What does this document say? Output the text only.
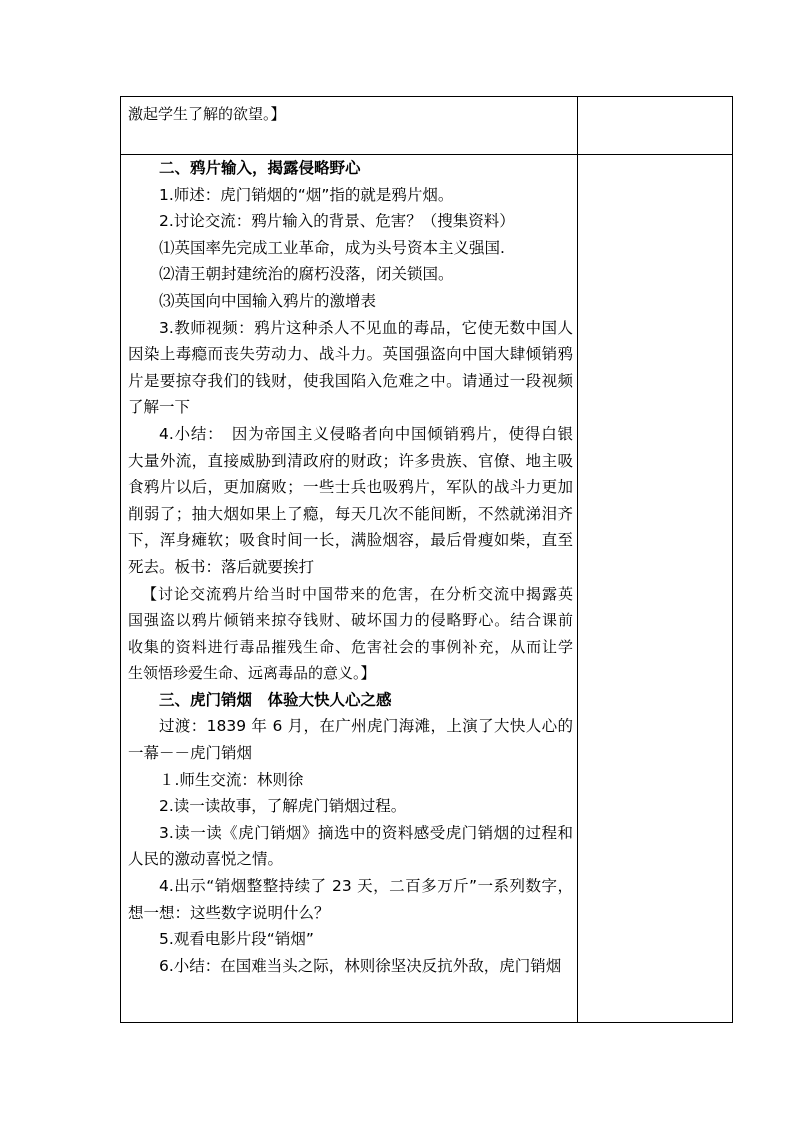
激起学生了解的欲望。】

二、鸦片输入，揭露侵略野心

1.师述：虎门销烟的“烟”指的就是鸦片烟。

2.讨论交流：鸦片输入的背景、危害？（搜集资料）

⑴英国率先完成工业革命，成为头号资本主义强国.

⑵清王朝封建统治的腐朽没落，闭关锁国。

⑶英国向中国输入鸦片的激增表

3.教师视频：鸦片这种杀人不见血的毒品，它使无数中国人

因染上毒瘾而丧失劳动力、战斗力。英国强盗向中国大肆倾销鸦

片是要掠夺我们的钱财，使我国陷入危难之中。请通过一段视频

了解一下

4.小结：　因为帝国主义侵略者向中国倾销鸦片，使得白银

大量外流，直接威胁到清政府的财政；许多贵族、官僚、地主吸

食鸦片以后，更加腐败；一些士兵也吸鸦片，军队的战斗力更加

削弱了；抽大烟如果上了瘾，每天几次不能间断，不然就涕泪齐

下，浑身瘫软；吸食时间一长，满脸烟容，最后骨瘦如柴，直至

死去。板书：落后就要挨打

【讨论交流鸦片给当时中国带来的危害，在分析交流中揭露英

国强盗以鸦片倾销来掠夺钱财、破坏国力的侵略野心。结合课前

收集的资料进行毒品摧残生命、危害社会的事例补充，从而让学

生领悟珍爱生命、远离毒品的意义。】

三、虎门销烟　体验大快人心之感

过渡：1839 年 6 月，在广州虎门海滩，上演了大快人心的

一幕－－虎门销烟

１.师生交流：林则徐

2.读一读故事，了解虎门销烟过程。

3.读一读《虎门销烟》摘选中的资料感受虎门销烟的过程和

人民的激动喜悦之情。

4.出示“销烟整整持续了 23 天，二百多万斤”一系列数字，

想一想：这些数字说明什么？

5.观看电影片段“销烟”

6.小结：在国难当头之际，林则徐坚决反抗外敌，虎门销烟
